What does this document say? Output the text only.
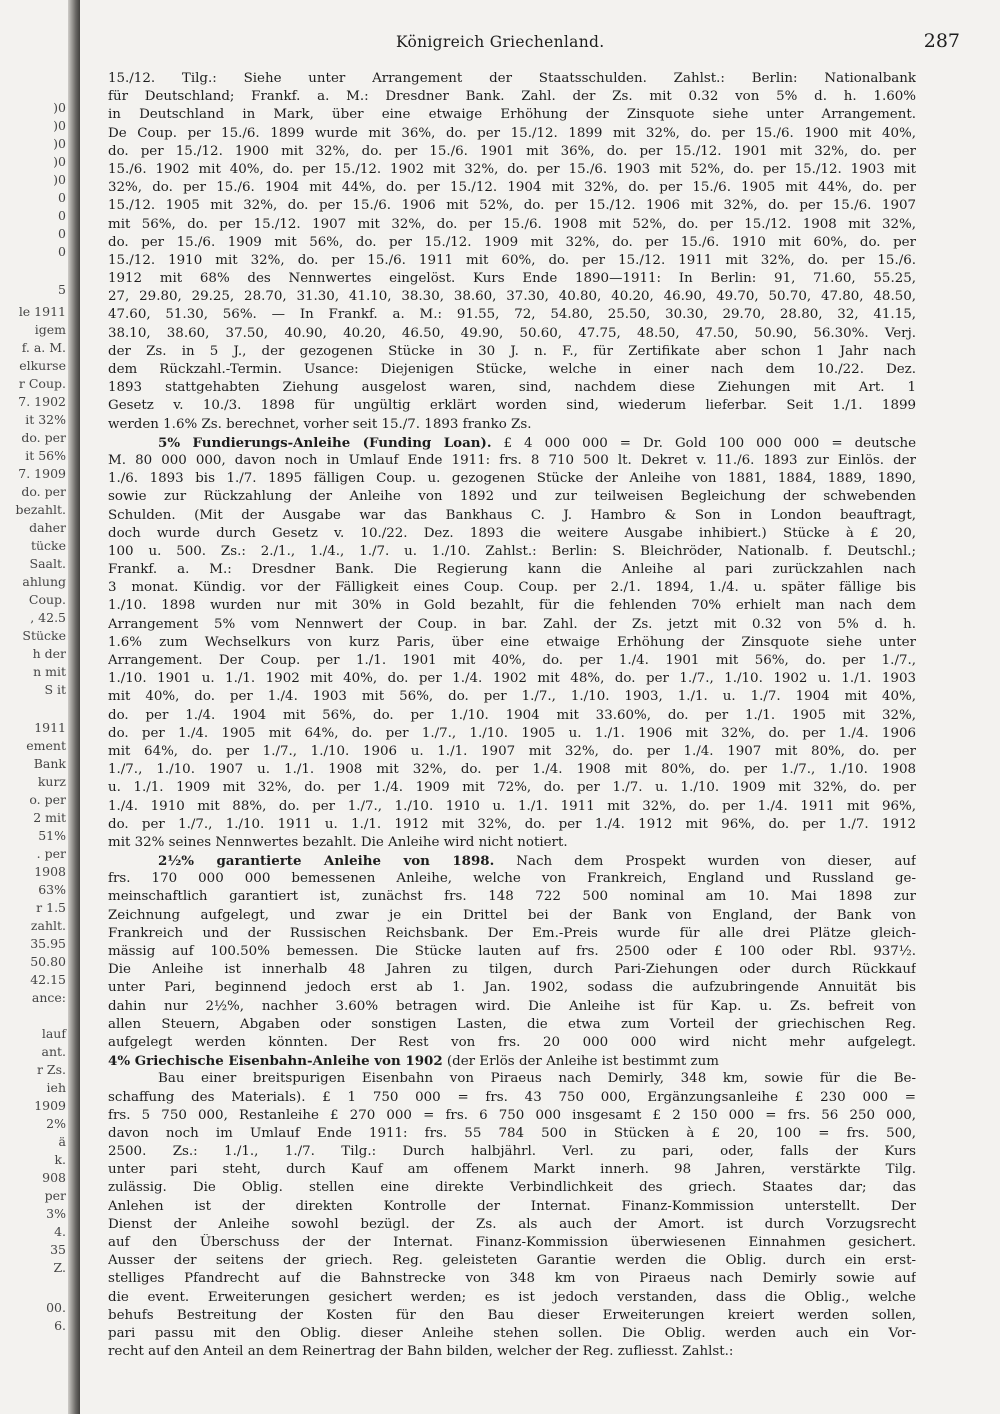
)0
)0
)0
)0
)0
0
0
0
0
5
le 1911
igem
f. a. M.
elkurse
r Coup.
7. 1902
it 32%
do. per
it 56%
7. 1909
do. per
bezahlt.
daher
tücke
Saalt.
ahlung
Coup.
, 42.5
Stücke
h der
n mit
S it
1911
ement
Bank
kurz
o. per
2 mit
51%
. per
1908
63%
r 1.5
zahlt.
35.95
50.80
42.15
ance:
lauf
ant.
r Zs.
ieh
1909
2%
ä
k.
908
per
3%
4.
35
Z.
00.
6.
Königreich Griechenland.	287

15./12. Tilg.: Siehe unter Arrangement der Staatsschulden. Zahlst.: Berlin: Nationalbank

für Deutschland; Frankf. a. M.: Dresdner Bank. Zahl. der Zs. mit 0.32 von 5% d. h. 1.60%

in Deutschland in Mark, über eine etwaige Erhöhung der Zinsquote siehe unter Arrangement.

De Coup. per 15./6. 1899 wurde mit 36%, do. per 15./12. 1899 mit 32%, do. per 15./6. 1900 mit 40%,

do. per 15./12. 1900 mit 32%, do. per 15./6. 1901 mit 36%, do. per 15./12. 1901 mit 32%, do. per

15./6. 1902 mit 40%, do. per 15./12. 1902 mit 32%, do. per 15./6. 1903 mit 52%, do. per 15./12. 1903 mit

32%, do. per 15./6. 1904 mit 44%, do. per 15./12. 1904 mit 32%, do. per 15./6. 1905 mit 44%, do. per

15./12. 1905 mit 32%, do. per 15./6. 1906 mit 52%, do. per 15./12. 1906 mit 32%, do. per 15./6. 1907

mit 56%, do. per 15./12. 1907 mit 32%, do. per 15./6. 1908 mit 52%, do. per 15./12. 1908 mit 32%,

do. per 15./6. 1909 mit 56%, do. per 15./12. 1909 mit 32%, do. per 15./6. 1910 mit 60%, do. per

15./12. 1910 mit 32%, do. per 15./6. 1911 mit 60%, do. per 15./12. 1911 mit 32%, do. per 15./6.

1912 mit 68% des Nennwertes eingelöst. Kurs Ende 1890—1911: In Berlin: 91, 71.60, 55.25,

27, 29.80, 29.25, 28.70, 31.30, 41.10, 38.30, 38.60, 37.30, 40.80, 40.20, 46.90, 49.70, 50.70, 47.80, 48.50,

47.60, 51.30, 56%. — In Frankf. a. M.: 91.55, 72, 54.80, 25.50, 30.30, 29.70, 28.80, 32, 41.15,

38.10, 38.60, 37.50, 40.90, 40.20, 46.50, 49.90, 50.60, 47.75, 48.50, 47.50, 50.90, 56.30%. Verj.

der Zs. in 5 J., der gezogenen Stücke in 30 J. n. F., für Zertifikate aber schon 1 Jahr nach

dem Rückzahl.-Termin. Usance: Diejenigen Stücke, welche in einer nach dem 10./22. Dez.

1893 stattgehabten Ziehung ausgelost waren, sind, nachdem diese Ziehungen mit Art. 1

Gesetz v. 10./3. 1898 für ungültig erklärt worden sind, wiederum lieferbar. Seit 1./1. 1899

werden 1.6% Zs. berechnet, vorher seit 15./7. 1893 franko Zs.

5% Fundierungs-Anleihe (Funding Loan). £ 4 000 000 = Dr. Gold 100 000 000 = deutsche

M. 80 000 000, davon noch in Umlauf Ende 1911: frs. 8 710 500 lt. Dekret v. 11./6. 1893 zur Einlös. der

1./6. 1893 bis 1./7. 1895 fälligen Coup. u. gezogenen Stücke der Anleihe von 1881, 1884, 1889, 1890,

sowie zur Rückzahlung der Anleihe von 1892 und zur teilweisen Begleichung der schwebenden

Schulden. (Mit der Ausgabe war das Bankhaus C. J. Hambro & Son in London beauftragt,

doch wurde durch Gesetz v. 10./22. Dez. 1893 die weitere Ausgabe inhibiert.) Stücke à £ 20,

100 u. 500. Zs.: 2./1., 1./4., 1./7. u. 1./10. Zahlst.: Berlin: S. Bleichröder, Nationalb. f. Deutschl.;

Frankf. a. M.: Dresdner Bank. Die Regierung kann die Anleihe al pari zurückzahlen nach

3 monat. Kündig. vor der Fälligkeit eines Coup. Coup. per 2./1. 1894, 1./4. u. später fällige bis

1./10. 1898 wurden nur mit 30% in Gold bezahlt, für die fehlenden 70% erhielt man nach dem

Arrangement 5% vom Nennwert der Coup. in bar. Zahl. der Zs. jetzt mit 0.32 von 5% d. h.

1.6% zum Wechselkurs von kurz Paris, über eine etwaige Erhöhung der Zinsquote siehe unter

Arrangement. Der Coup. per 1./1. 1901 mit 40%, do. per 1./4. 1901 mit 56%, do. per 1./7.,

1./10. 1901 u. 1./1. 1902 mit 40%, do. per 1./4. 1902 mit 48%, do. per 1./7., 1./10. 1902 u. 1./1. 1903

mit 40%, do. per 1./4. 1903 mit 56%, do. per 1./7., 1./10. 1903, 1./1. u. 1./7. 1904 mit 40%,

do. per 1./4. 1904 mit 56%, do. per 1./10. 1904 mit 33.60%, do. per 1./1. 1905 mit 32%,

do. per 1./4. 1905 mit 64%, do. per 1./7., 1./10. 1905 u. 1./1. 1906 mit 32%, do. per 1./4. 1906

mit 64%, do. per 1./7., 1./10. 1906 u. 1./1. 1907 mit 32%, do. per 1./4. 1907 mit 80%, do. per

1./7., 1./10. 1907 u. 1./1. 1908 mit 32%, do. per 1./4. 1908 mit 80%, do. per 1./7., 1./10. 1908

u. 1./1. 1909 mit 32%, do. per 1./4. 1909 mit 72%, do. per 1./7. u. 1./10. 1909 mit 32%, do. per

1./4. 1910 mit 88%, do. per 1./7., 1./10. 1910 u. 1./1. 1911 mit 32%, do. per 1./4. 1911 mit 96%,

do. per 1./7., 1./10. 1911 u. 1./1. 1912 mit 32%, do. per 1./4. 1912 mit 96%, do. per 1./7. 1912

mit 32% seines Nennwertes bezahlt. Die Anleihe wird nicht notiert.

2½% garantierte Anleihe von 1898. Nach dem Prospekt wurden von dieser, auf

frs. 170 000 000 bemessenen Anleihe, welche von Frankreich, England und Russland ge-

meinschaftlich garantiert ist, zunächst frs. 148 722 500 nominal am 10. Mai 1898 zur

Zeichnung aufgelegt, und zwar je ein Drittel bei der Bank von England, der Bank von

Frankreich und der Russischen Reichsbank. Der Em.-Preis wurde für alle drei Plätze gleich-

mässig auf 100.50% bemessen. Die Stücke lauten auf frs. 2500 oder £ 100 oder Rbl. 937½.

Die Anleihe ist innerhalb 48 Jahren zu tilgen, durch Pari-Ziehungen oder durch Rückkauf

unter Pari, beginnend jedoch erst ab 1. Jan. 1902, sodass die aufzubringende Annuität bis

dahin nur 2½%, nachher 3.60% betragen wird. Die Anleihe ist für Kap. u. Zs. befreit von

allen Steuern, Abgaben oder sonstigen Lasten, die etwa zum Vorteil der griechischen Reg.

aufgelegt werden könnten. Der Rest von frs. 20 000 000 wird nicht mehr aufgelegt.

4% Griechische Eisenbahn-Anleihe von 1902 (der Erlös der Anleihe ist bestimmt zum

Bau einer breitspurigen Eisenbahn von Piraeus nach Demirly, 348 km, sowie für die Be-

schaffung des Materials). £ 1 750 000 = frs. 43 750 000, Ergänzungsanleihe £ 230 000 =

frs. 5 750 000, Restanleihe £ 270 000 = frs. 6 750 000 insgesamt £ 2 150 000 = frs. 56 250 000,

davon noch im Umlauf Ende 1911: frs. 55 784 500 in Stücken à £ 20, 100 = frs. 500,

2500. Zs.: 1./1., 1./7. Tilg.: Durch halbjährl. Verl. zu pari, oder, falls der Kurs

unter pari steht, durch Kauf am offenem Markt innerh. 98 Jahren, verstärkte Tilg.

zulässig. Die Oblig. stellen eine direkte Verbindlichkeit des griech. Staates dar; das

Anlehen ist der direkten Kontrolle der Internat. Finanz-Kommission unterstellt. Der

Dienst der Anleihe sowohl bezügl. der Zs. als auch der Amort. ist durch Vorzugsrecht

auf den Überschuss der der Internat. Finanz-Kommission überwiesenen Einnahmen gesichert.

Ausser der seitens der griech. Reg. geleisteten Garantie werden die Oblig. durch ein erst-

stelliges Pfandrecht auf die Bahnstrecke von 348 km von Piraeus nach Demirly sowie auf

die event. Erweiterungen gesichert werden; es ist jedoch verstanden, dass die Oblig., welche

behufs Bestreitung der Kosten für den Bau dieser Erweiterungen kreiert werden sollen,

pari passu mit den Oblig. dieser Anleihe stehen sollen. Die Oblig. werden auch ein Vor-

recht auf den Anteil an dem Reinertrag der Bahn bilden, welcher der Reg. zufliesst. Zahlst.:
